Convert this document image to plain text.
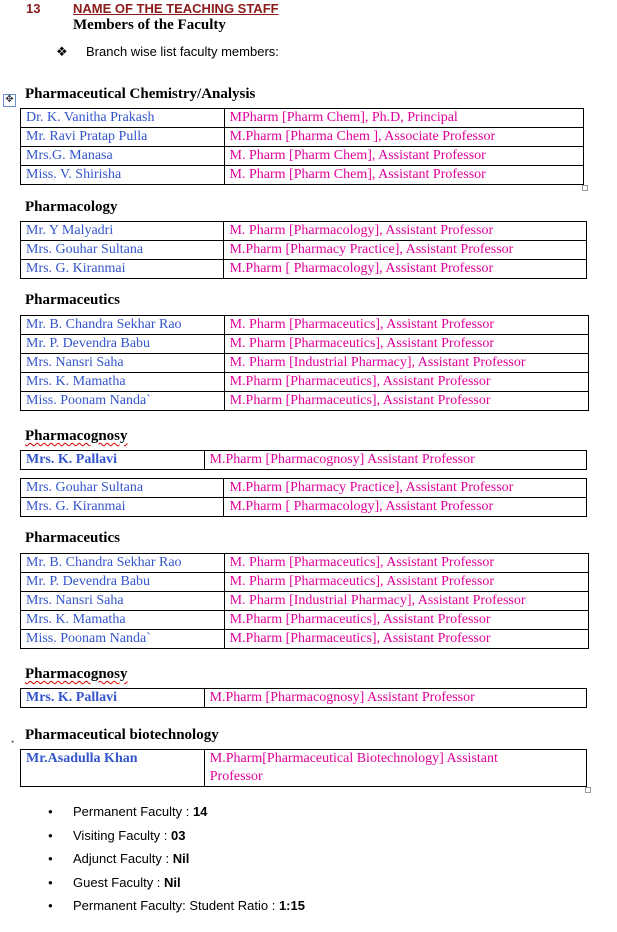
13	NAME OF THE TEACHING STAFF
Members of the Faculty
❖ Branch wise list faculty members:
✥ Pharmaceutical Chemistry/Analysis
Dr. K. Vanitha Prakash	MPharm [Pharm Chem], Ph.D, Principal
Mr. Ravi Pratap Pulla	M.Pharm [Pharma Chem ], Associate Professor
Mrs.G. Manasa	M. Pharm [Pharm Chem], Assistant Professor
Miss. V. Shirisha	M. Pharm [Pharm Chem], Assistant Professor
Pharmacology
Mr. Y Malyadri	M. Pharm [Pharmacology], Assistant Professor
Mrs. Gouhar Sultana	M.Pharm [Pharmacy Practice], Assistant Professor
Mrs. G. Kiranmai	M.Pharm [ Pharmacology], Assistant Professor
Pharmaceutics
Mr. B. Chandra Sekhar Rao	M. Pharm [Pharmaceutics], Assistant Professor
Mr. P. Devendra Babu	M. Pharm [Pharmaceutics], Assistant Professor
Mrs. Nansri Saha	M. Pharm [Industrial Pharmacy], Assistant Professor
Mrs. K. Mamatha	M.Pharm [Pharmaceutics], Assistant Professor
Miss. Poonam Nanda`	M.Pharm [Pharmaceutics], Assistant Professor
Pharmacognosy
Mrs. K. Pallavi	M.Pharm [Pharmacognosy] Assistant Professor
Mrs. Gouhar Sultana	M.Pharm [Pharmacy Practice], Assistant Professor
Mrs. G. Kiranmai	M.Pharm [ Pharmacology], Assistant Professor
Pharmaceutics
Mr. B. Chandra Sekhar Rao	M. Pharm [Pharmaceutics], Assistant Professor
Mr. P. Devendra Babu	M. Pharm [Pharmaceutics], Assistant Professor
Mrs. Nansri Saha	M. Pharm [Industrial Pharmacy], Assistant Professor
Mrs. K. Mamatha	M.Pharm [Pharmaceutics], Assistant Professor
Miss. Poonam Nanda`	M.Pharm [Pharmaceutics], Assistant Professor
Pharmacognosy
Mrs. K. Pallavi	M.Pharm [Pharmacognosy] Assistant Professor
• Pharmaceutical biotechnology
Mr.Asadulla Khan	M.Pharm[Pharmaceutical Biotechnology] Assistant
Professor
● Permanent Faculty : 14
● Visiting Faculty : 03
● Adjunct Faculty : Nil
● Guest Faculty : Nil
● Permanent Faculty: Student Ratio : 1:15
